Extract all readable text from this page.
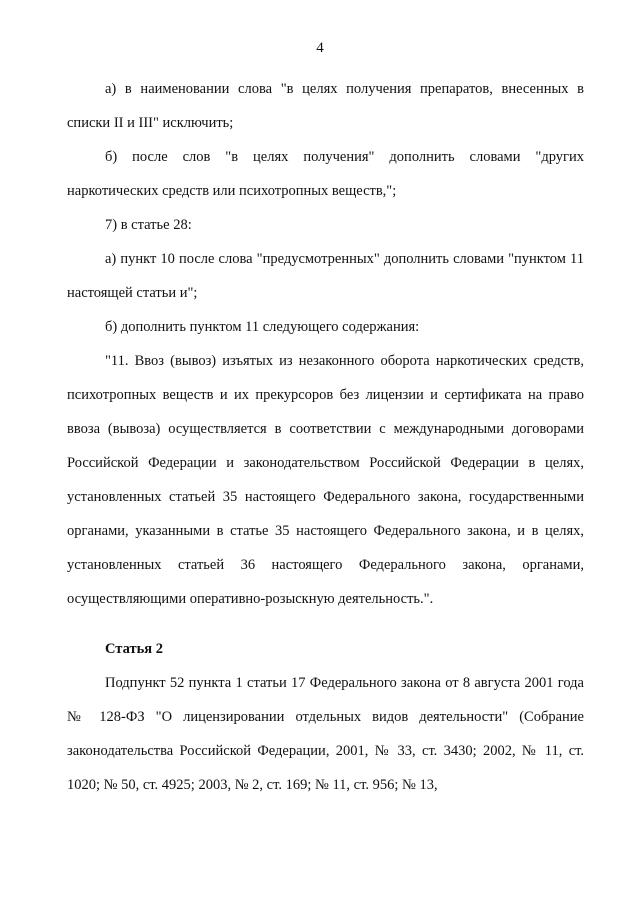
4

а) в наименовании слова "в целях получения препаратов, внесенных в списки II и III" исключить;

б) после слов "в целях получения" дополнить словами "других наркотических средств или психотропных веществ,";

7) в статье 28:

а) пункт 10 после слова "предусмотренных" дополнить словами "пунктом 11 настоящей статьи и";

б) дополнить пунктом 11 следующего содержания:

"11. Ввоз (вывоз) изъятых из незаконного оборота наркотических средств, психотропных веществ и их прекурсоров без лицензии и сертификата на право ввоза (вывоза) осуществляется в соответствии с международными договорами Российской Федерации и законодательством Российской Федерации в целях, установленных статьей 35 настоящего Федерального закона, государственными органами, указанными в статье 35 настоящего Федерального закона, и в целях, установленных статьей 36 настоящего Федерального закона, органами, осуществляющими оперативно-розыскную деятельность.".

Статья 2

Подпункт 52 пункта 1 статьи 17 Федерального закона от 8 августа 2001 года № 128-ФЗ "О лицензировании отдельных видов деятельности" (Собрание законодательства Российской Федерации, 2001, № 33, ст. 3430; 2002, № 11, ст. 1020; № 50, ст. 4925; 2003, № 2, ст. 169; № 11, ст. 956; № 13,
